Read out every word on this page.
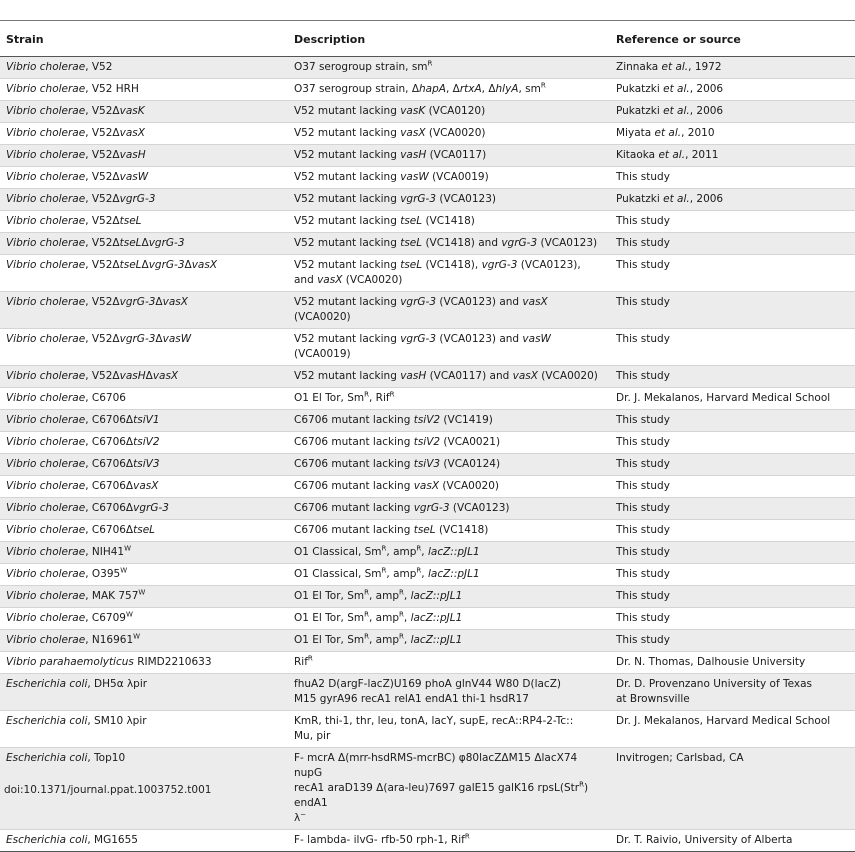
Strain	Description	Reference or source
Vibrio cholerae, V52	O37 serogroup strain, $sm^R$	Zinnaka et al., 1972

Vibrio cholerae, V52 HRH	O37 serogroup strain, ΔhapA, ΔrtxA, ΔhlyA, $sm^R$	Pukatzki et al., 2006

Vibrio cholerae, V52ΔvasK	V52 mutant lacking vasK (VCA0120)	Pukatzki et al., 2006

Vibrio cholerae, V52ΔvasX	V52 mutant lacking vasX (VCA0020)	Miyata et al., 2010

Vibrio cholerae, V52ΔvasH	V52 mutant lacking vasH (VCA0117)	Kitaoka et al., 2011

Vibrio cholerae, V52ΔvasW	V52 mutant lacking vasW (VCA0019)	This study

Vibrio cholerae, V52ΔvgrG-3	V52 mutant lacking vgrG-3 (VCA0123)	Pukatzki et al., 2006

Vibrio cholerae, V52ΔtseL	V52 mutant lacking tseL (VC1418)	This study

Vibrio cholerae, V52ΔtseLΔvgrG-3	V52 mutant lacking tseL (VC1418) and vgrG-3 (VCA0123)	This study

Vibrio cholerae, V52ΔtseLΔvgrG-3ΔvasX	V52 mutant lacking tseL (VC1418), vgrG-3 (VCA0123),
and vasX (VCA0020)	This study

Vibrio cholerae, V52ΔvgrG-3ΔvasX	V52 mutant lacking vgrG-3 (VCA0123) and vasX (VCA0020)	This study

Vibrio cholerae, V52ΔvgrG-3ΔvasW	V52 mutant lacking vgrG-3 (VCA0123) and vasW (VCA0019)	This study

Vibrio cholerae, V52ΔvasHΔvasX	V52 mutant lacking vasH (VCA0117) and vasX (VCA0020)	This study

Vibrio cholerae, C6706	O1 El Tor, $Sm^R$, Rif$^R$	Dr. J. Mekalanos, Harvard Medical School

Vibrio cholerae, C6706ΔtsiV1	C6706 mutant lacking tsiV2 (VC1419)	This study

Vibrio cholerae, C6706ΔtsiV2	C6706 mutant lacking tsiV2 (VCA0021)	This study

Vibrio cholerae, C6706ΔtsiV3	C6706 mutant lacking tsiV3 (VCA0124)	This study

Vibrio cholerae, C6706ΔvasX	C6706 mutant lacking vasX (VCA0020)	This study

Vibrio cholerae, C6706ΔvgrG-3	C6706 mutant lacking vgrG-3 (VCA0123)	This study

Vibrio cholerae, C6706ΔtseL	C6706 mutant lacking tseL (VC1418)	This study

Vibrio cholerae, $NIH41^W$	O1 Classical, $Sm^R$, amp$^R$, lacZ::pJL1	This study

Vibrio cholerae, $O395^W$	O1 Classical, $Sm^R$, amp$^R$, lacZ::pJL1	This study

Vibrio cholerae, MAK $757^W$	O1 El Tor, $Sm^R$, amp$^R$, lacZ::pJL1	This study

Vibrio cholerae, $C6709^W$	O1 El Tor, $Sm^R$, amp$^R$, lacZ::pJL1	This study

Vibrio cholerae, $N16961^W$	O1 El Tor, $Sm^R$, amp$^R$, lacZ::pJL1	This study

Vibrio parahaemolyticus RIMD2210633	Rif$^R$	Dr. N. Thomas, Dalhousie University

Escherichia coli, DH5α λpir	fhuA2 D(argF-lacZ)U169 phoA glnV44 W80 D(lacZ)
M15 gyrA96 recA1 relA1 endA1 thi-1 hsdR17	Dr. D. Provenzano University of Texas
at Brownsville

Escherichia coli, SM10 λpir	KmR, thi-1, thr, leu, tonA, lacY, supE, recA::RP4-2-Tc::
Mu, pir	Dr. J. Mekalanos, Harvard Medical School

Escherichia coli, Top10	F- mcrA Δ(mrr-hsdRMS-mcrBC) φ80lacZΔM15 ΔlacX74 nupG
recA1 araD139 Δ(ara-leu)7697 galE15 galK16 rpsL(Str$^R$) endA1
λ−	Invitrogen; Carlsbad, CA

Escherichia coli, MG1655	F- lambda- ilvG- rfb-50 rph-1, Rif$^R$	Dr. T. Raivio, University of Alberta
doi:10.1371/journal.ppat.1003752.t001
